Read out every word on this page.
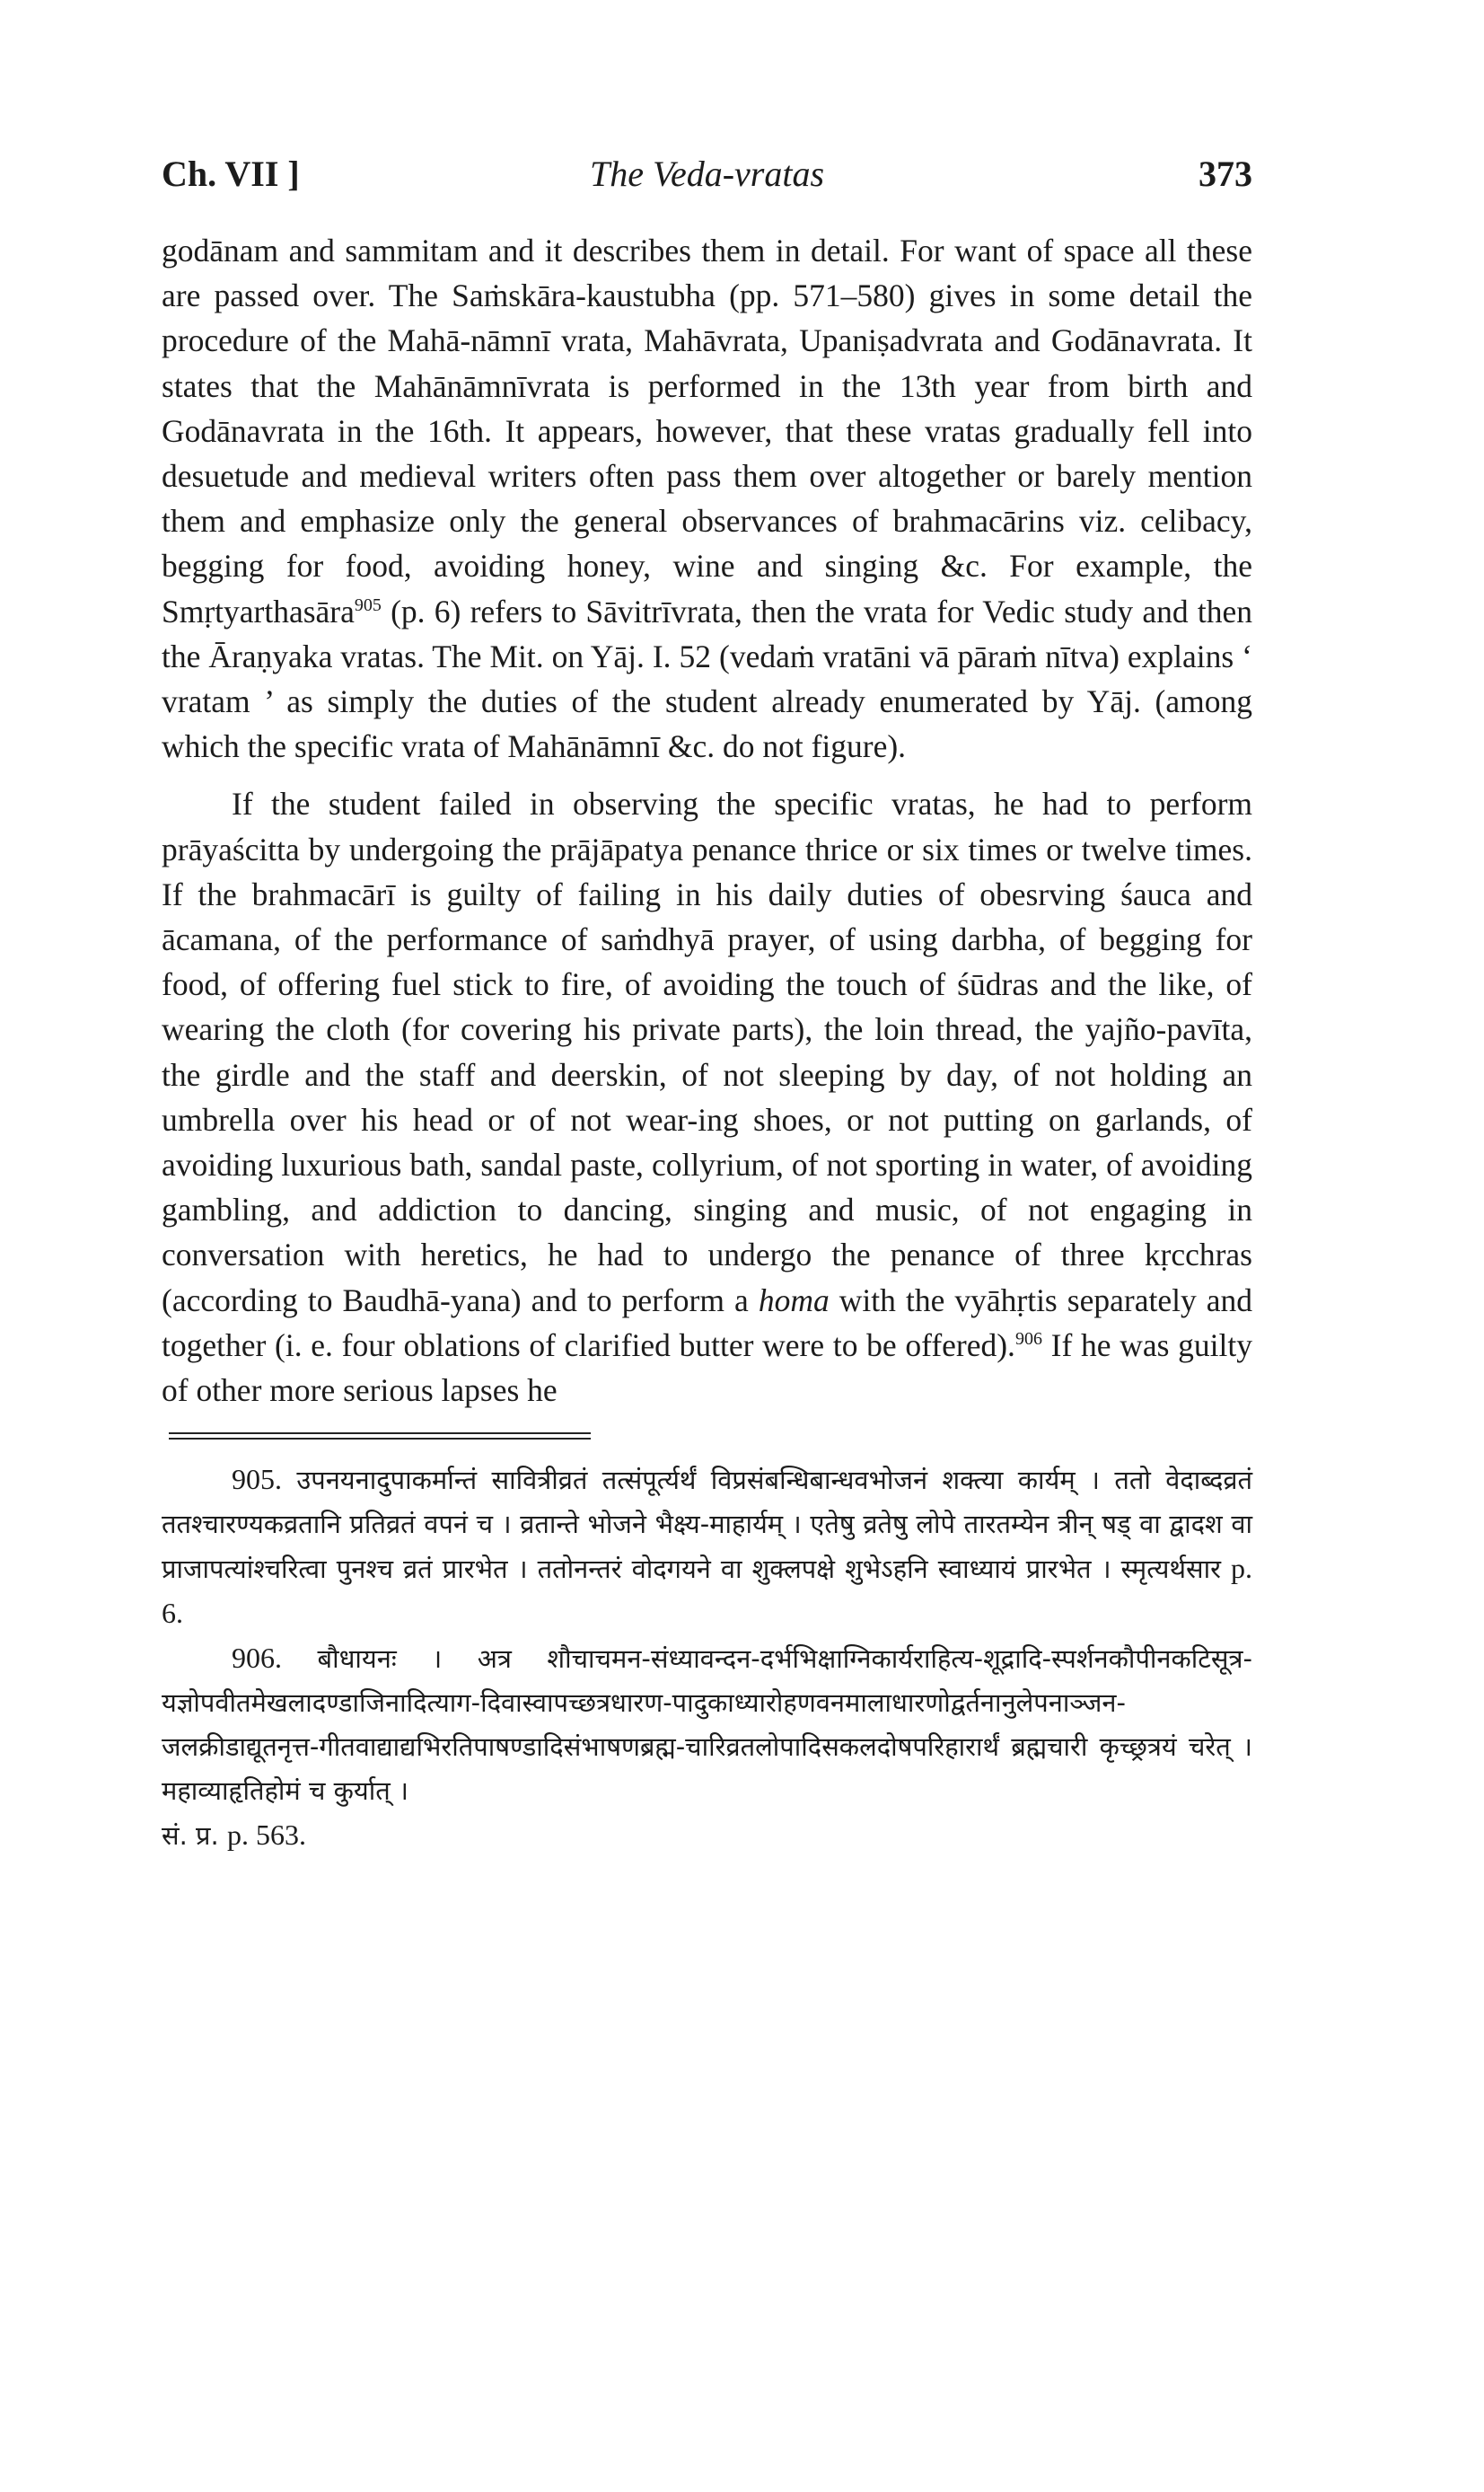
Ch. VII ]	The Veda-vratas	373

godānam and sammitam and it describes them in detail. For want of space all these are passed over. The Saṁskāra-kaustubha (pp. 571–580) gives in some detail the procedure of the Mahā-nāmnī vrata, Mahāvrata, Upaniṣadvrata and Godānavrata. It states that the Mahānāmnīvrata is performed in the 13th year from birth and Godānavrata in the 16th. It appears, however, that these vratas gradually fell into desuetude and medieval writers often pass them over altogether or barely mention them and emphasize only the general observances of brahmacārins viz. celibacy, begging for food, avoiding honey, wine and singing &c. For example, the Smṛtyarthasāra$^{905}$ (p. 6) refers to Sāvitrīvrata, then the vrata for Vedic study and then the Āraṇyaka vratas. The Mit. on Yāj. I. 52 (vedaṁ vratāni vā pāraṁ nītva) explains ‘ vratam ’ as simply the duties of the student already enumerated by Yāj. (among which the specific vrata of Mahānāmnī &c. do not figure).

If the student failed in observing the specific vratas, he had to perform prāyaścitta by undergoing the prājāpatya penance thrice or six times or twelve times. If the brahmacārī is guilty of failing in his daily duties of obesrving śauca and ācamana, of the performance of saṁdhyā prayer, of using darbha, of begging for food, of offering fuel stick to fire, of avoiding the touch of śūdras and the like, of wearing the cloth (for covering his private parts), the loin thread, the yajño-pavīta, the girdle and the staff and deerskin, of not sleeping by day, of not holding an umbrella over his head or of not wear-ing shoes, or not putting on garlands, of avoiding luxurious bath, sandal paste, collyrium, of not sporting in water, of avoiding gambling, and addiction to dancing, singing and music, of not engaging in conversation with heretics, he had to undergo the penance of three kṛcchras (according to Baudhā-yana) and to perform a homa with the vyāhṛtis separately and together (i. e. four oblations of clarified butter were to be offered).$^{906}$ If he was guilty of other more serious lapses he

905. उपनयनादुपाकर्मान्तं सावित्रीव्रतं तत्संपूर्त्यर्थं विप्रसंबन्धिबान्धवभोजनं शक्त्या कार्यम् । ततो वेदाब्दव्रतं ततश्चारण्यकव्रतानि प्रतिव्रतं वपनं च । व्रतान्ते भोजने भैक्ष्य-माहार्यम् । एतेषु व्रतेषु लोपे तारतम्येन त्रीन् षड् वा द्वादश वा प्राजापत्यांश्चरित्वा पुनश्च व्रतं प्रारभेत । ततोनन्तरं वोदगयने वा शुक्लपक्षे शुभेऽहनि स्वाध्यायं प्रारभेत । स्मृत्यर्थसार p. 6.

906. बौधायनः । अत्र शौचाचमन-संध्यावन्दन-दर्भभिक्षाग्निकार्यराहित्य-शूद्रादि-स्पर्शनकौपीनकटिसूत्र-यज्ञोपवीतमेखलादण्डाजिनादित्याग-दिवास्वापच्छत्रधारण-पादुकाध्यारोहणवनमालाधारणोद्वर्तनानुलेपनाञ्जन-जलक्रीडाद्यूतनृत्त-गीतवाद्याद्यभिरतिपाषण्डादिसंभाषणब्रह्म-चारिव्रतलोपादिसकलदोषपरिहारार्थं ब्रह्मचारी कृच्छ्रत्रयं चरेत् । महाव्याहृतिहोमं च कुर्यात् ।

सं. प्र. p. 563.
